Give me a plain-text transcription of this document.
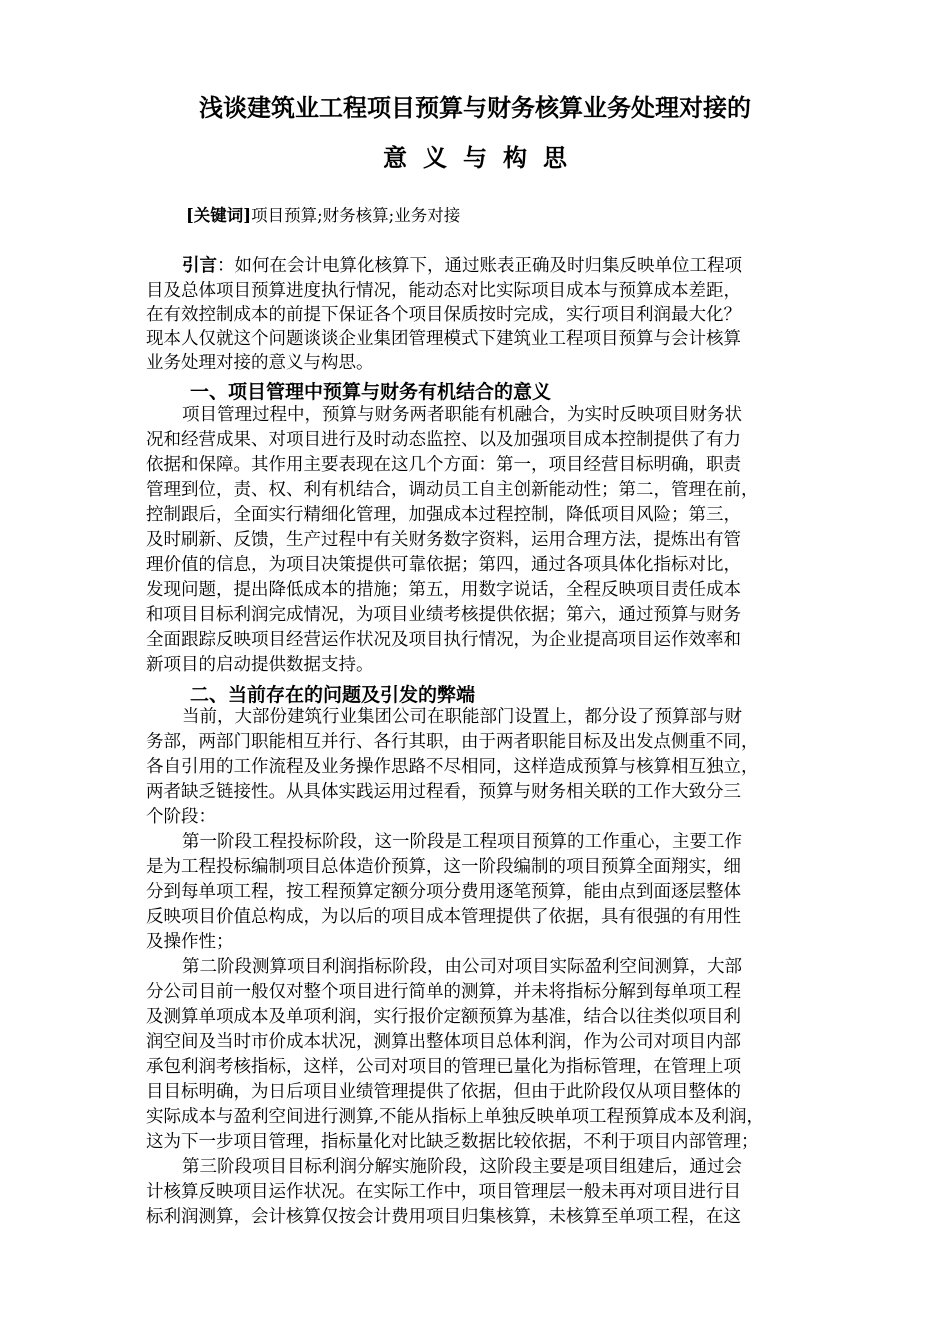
浅谈建筑业工程项目预算与财务核算业务处理对接的
意义与构思
[关键词]项目预算;财务核算;业务对接
引言：如何在会计电算化核算下，通过账表正确及时归集反映单位工程项
目及总体项目预算进度执行情况，能动态对比实际项目成本与预算成本差距，
在有效控制成本的前提下保证各个项目保质按时完成，实行项目利润最大化？
现本人仅就这个问题谈谈企业集团管理模式下建筑业工程项目预算与会计核算
业务处理对接的意义与构思。
一、项目管理中预算与财务有机结合的意义
项目管理过程中，预算与财务两者职能有机融合，为实时反映项目财务状
况和经营成果、对项目进行及时动态监控、以及加强项目成本控制提供了有力
依据和保障。其作用主要表现在这几个方面：第一，项目经营目标明确，职责
管理到位，责、权、利有机结合，调动员工自主创新能动性；第二，管理在前，
控制跟后，全面实行精细化管理，加强成本过程控制，降低项目风险；第三，
及时刷新、反馈，生产过程中有关财务数字资料，运用合理方法，提炼出有管
理价值的信息，为项目决策提供可靠依据；第四，通过各项具体化指标对比，
发现问题，提出降低成本的措施；第五，用数字说话，全程反映项目责任成本
和项目目标利润完成情况，为项目业绩考核提供依据；第六，通过预算与财务
全面跟踪反映项目经营运作状况及项目执行情况，为企业提高项目运作效率和
新项目的启动提供数据支持。
二、当前存在的问题及引发的弊端
当前，大部份建筑行业集团公司在职能部门设置上，都分设了预算部与财
务部，两部门职能相互并行、各行其职，由于两者职能目标及出发点侧重不同，
各自引用的工作流程及业务操作思路不尽相同，这样造成预算与核算相互独立，
两者缺乏链接性。从具体实践运用过程看，预算与财务相关联的工作大致分三
个阶段：
第一阶段工程投标阶段，这一阶段是工程项目预算的工作重心，主要工作
是为工程投标编制项目总体造价预算，这一阶段编制的项目预算全面翔实，细
分到每单项工程，按工程预算定额分项分费用逐笔预算，能由点到面逐层整体
反映项目价值总构成，为以后的项目成本管理提供了依据，具有很强的有用性
及操作性；
第二阶段测算项目利润指标阶段，由公司对项目实际盈利空间测算，大部
分公司目前一般仅对整个项目进行简单的测算，并未将指标分解到每单项工程
及测算单项成本及单项利润，实行报价定额预算为基准，结合以往类似项目利
润空间及当时市价成本状况，测算出整体项目总体利润，作为公司对项目内部
承包利润考核指标，这样，公司对项目的管理已量化为指标管理，在管理上项
目目标明确，为日后项目业绩管理提供了依据，但由于此阶段仅从项目整体的
实际成本与盈利空间进行测算,不能从指标上单独反映单项工程预算成本及利润，
这为下一步项目管理，指标量化对比缺乏数据比较依据，不利于项目内部管理；
第三阶段项目目标利润分解实施阶段，这阶段主要是项目组建后，通过会
计核算反映项目运作状况。在实际工作中，项目管理层一般未再对项目进行目
标利润测算，会计核算仅按会计费用项目归集核算，未核算至单项工程，在这
